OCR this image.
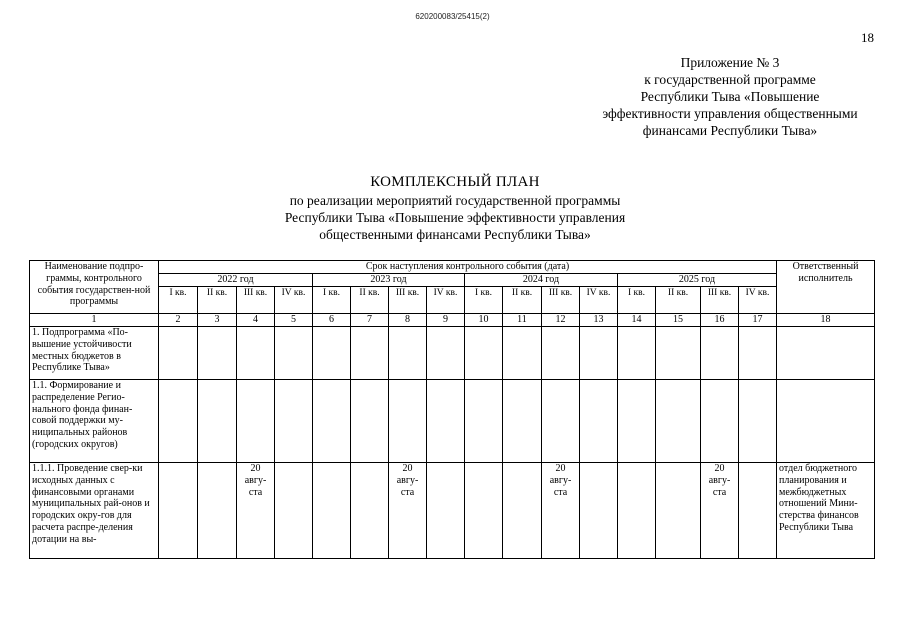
620200083/25415(2)
18
Приложение № 3
к государственной программе
Республики Тыва «Повышение
эффективности управления общественными
финансами Республики Тыва»
КОМПЛЕКСНЫЙ ПЛАН
по реализации мероприятий государственной программы
Республики Тыва «Повышение эффективности управления
общественными финансами Республики Тыва»
Наименование подпро-граммы, контрольного события государствен-ной программы	Срок наступления контрольного события (дата)																Ответственный исполнитель
	2022 год				2023 год				2024 год				2025 год				
	I кв.	II кв.	III кв.	IV кв.	I кв.	II кв.	III кв.	IV кв.	I кв.	II кв.	III кв.	IV кв.	I кв.	II кв.	III кв.	IV кв.	
1	2	3	4	5	6	7	8	9	10	11	12	13	14	15	16	17	18
1. Подпрограмма «По-вышение устойчивости местных бюджетов в Республике Тыва»																	
1.1. Формирование и распределение Регио-нального фонда финан-совой поддержки му-ниципальных районов (городских округов)																	
1.1.1. Проведение свер-ки исходных данных с финансовыми органами муниципальных рай-онов и городских окру-гов для расчета распре-деления дотации на вы-			20 авгу-ста				20 авгу-ста				20 авгу-ста				20 авгу-ста		отдел бюджетного планирования и межбюджетных отношений Мини-стерства финансов Республики Тыва
